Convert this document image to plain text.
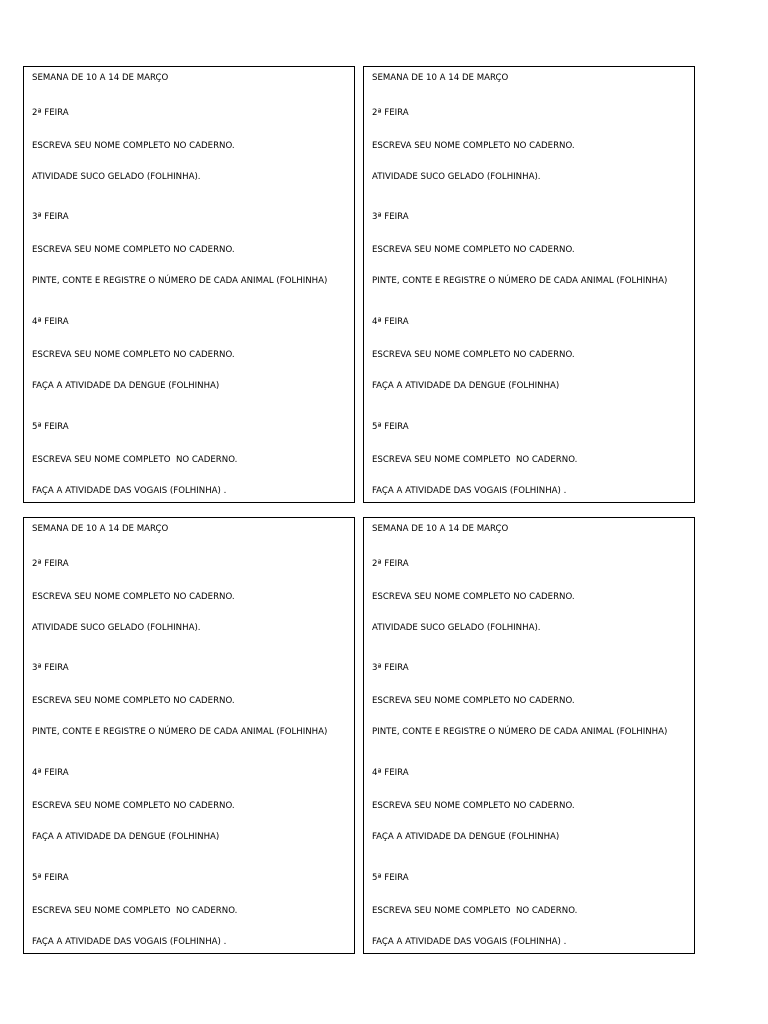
SEMANA DE 10 A 14 DE MARÇO

2ª FEIRA

ESCREVA SEU NOME COMPLETO NO CADERNO.

ATIVIDADE SUCO GELADO (FOLHINHA).

3ª FEIRA

ESCREVA SEU NOME COMPLETO NO CADERNO.

PINTE, CONTE E REGISTRE O NÚMERO DE CADA ANIMAL (FOLHINHA)

4ª FEIRA

ESCREVA SEU NOME COMPLETO NO CADERNO.

FAÇA A ATIVIDADE DA DENGUE (FOLHINHA)

5ª FEIRA

ESCREVA SEU NOME COMPLETO  NO CADERNO.

FAÇA A ATIVIDADE DAS VOGAIS (FOLHINHA) .

SEMANA DE 10 A 14 DE MARÇO

2ª FEIRA

ESCREVA SEU NOME COMPLETO NO CADERNO.

ATIVIDADE SUCO GELADO (FOLHINHA).

3ª FEIRA

ESCREVA SEU NOME COMPLETO NO CADERNO.

PINTE, CONTE E REGISTRE O NÚMERO DE CADA ANIMAL (FOLHINHA)

4ª FEIRA

ESCREVA SEU NOME COMPLETO NO CADERNO.

FAÇA A ATIVIDADE DA DENGUE (FOLHINHA)

5ª FEIRA

ESCREVA SEU NOME COMPLETO  NO CADERNO.

FAÇA A ATIVIDADE DAS VOGAIS (FOLHINHA) .

SEMANA DE 10 A 14 DE MARÇO

2ª FEIRA

ESCREVA SEU NOME COMPLETO NO CADERNO.

ATIVIDADE SUCO GELADO (FOLHINHA).

3ª FEIRA

ESCREVA SEU NOME COMPLETO NO CADERNO.

PINTE, CONTE E REGISTRE O NÚMERO DE CADA ANIMAL (FOLHINHA)

4ª FEIRA

ESCREVA SEU NOME COMPLETO NO CADERNO.

FAÇA A ATIVIDADE DA DENGUE (FOLHINHA)

5ª FEIRA

ESCREVA SEU NOME COMPLETO  NO CADERNO.

FAÇA A ATIVIDADE DAS VOGAIS (FOLHINHA) .

SEMANA DE 10 A 14 DE MARÇO

2ª FEIRA

ESCREVA SEU NOME COMPLETO NO CADERNO.

ATIVIDADE SUCO GELADO (FOLHINHA).

3ª FEIRA

ESCREVA SEU NOME COMPLETO NO CADERNO.

PINTE, CONTE E REGISTRE O NÚMERO DE CADA ANIMAL (FOLHINHA)

4ª FEIRA

ESCREVA SEU NOME COMPLETO NO CADERNO.

FAÇA A ATIVIDADE DA DENGUE (FOLHINHA)

5ª FEIRA

ESCREVA SEU NOME COMPLETO  NO CADERNO.

FAÇA A ATIVIDADE DAS VOGAIS (FOLHINHA) .
